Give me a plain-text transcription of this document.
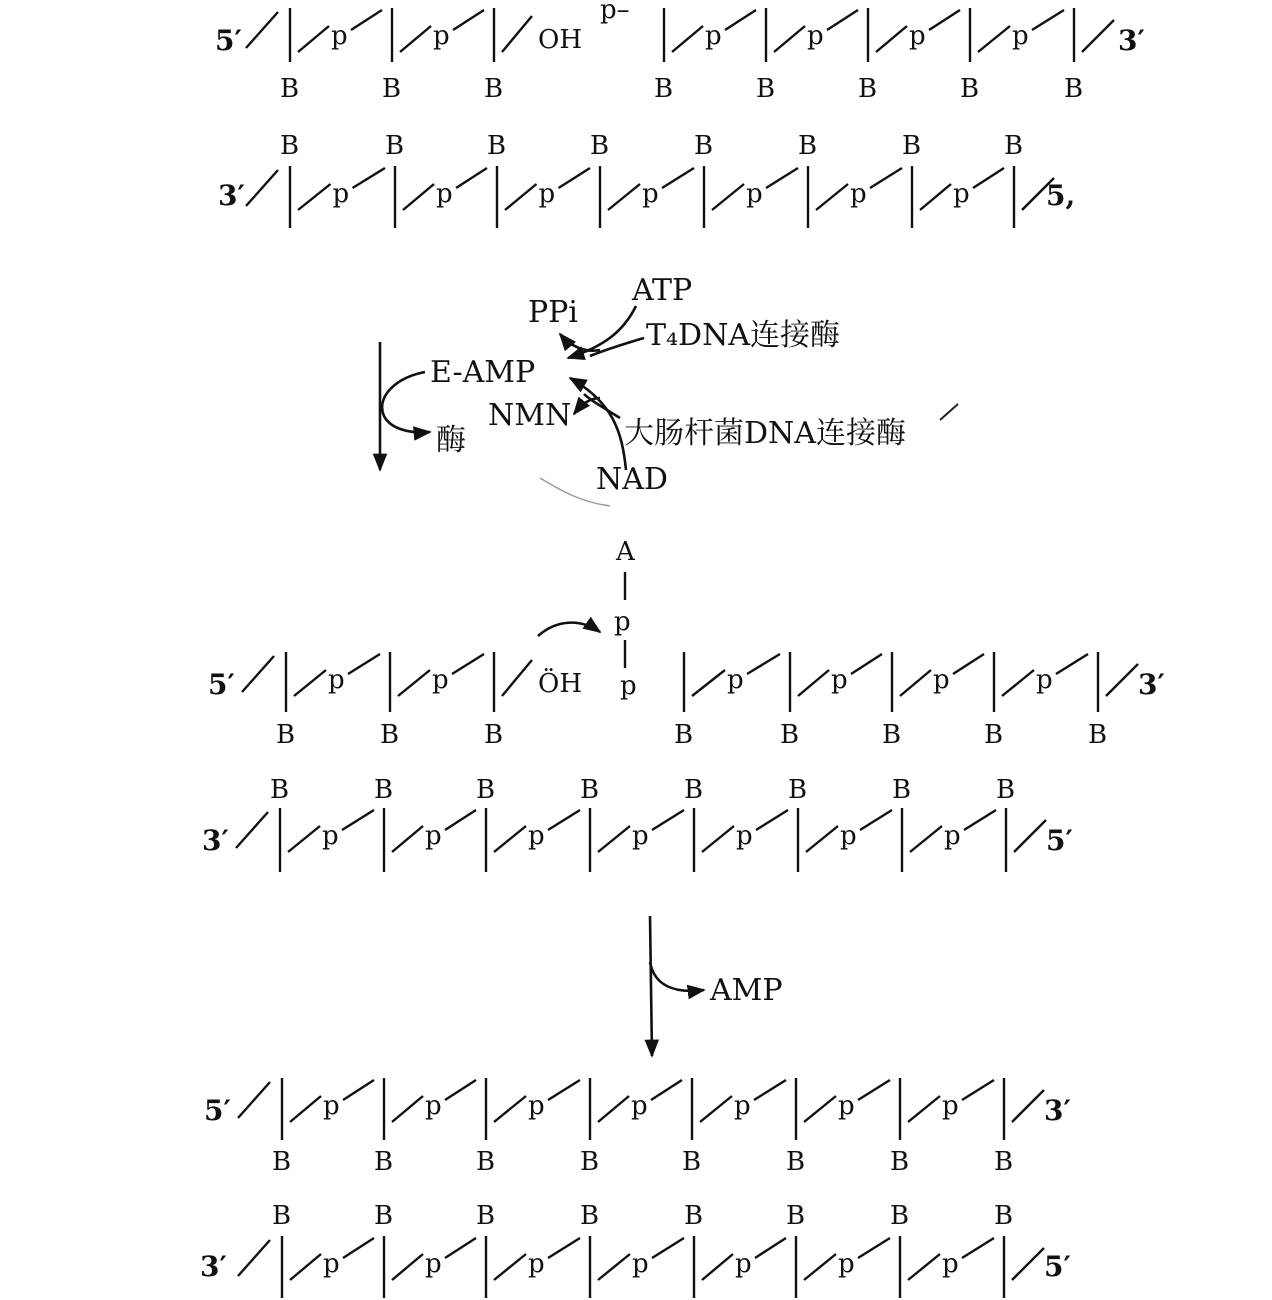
5′
B
p
B
p
B
OH
B
p
B
p
B
p
B
p
B
3′
p–
3′
B
p
B
p
B
p
B
p
B
p
B
p
B
p
B
5,
5′
B
p
B
p
B
ÖH
B
p
B
p
B
p
B
p
B
3′
p
3′
B
p
B
p
B
p
B
p
B
p
B
p
B
p
B
5′
5′
B
p
B
p
B
p
B
p
B
p
B
p
B
p
B
3′
3′
B
p
B
p
B
p
B
p
B
p
B
p
B
p
B
5′
ATP
PPi
T₄DNA连接酶
E-AMP
NMN
大肠杆菌DNA连接酶
NAD
酶
A
p
AMP
